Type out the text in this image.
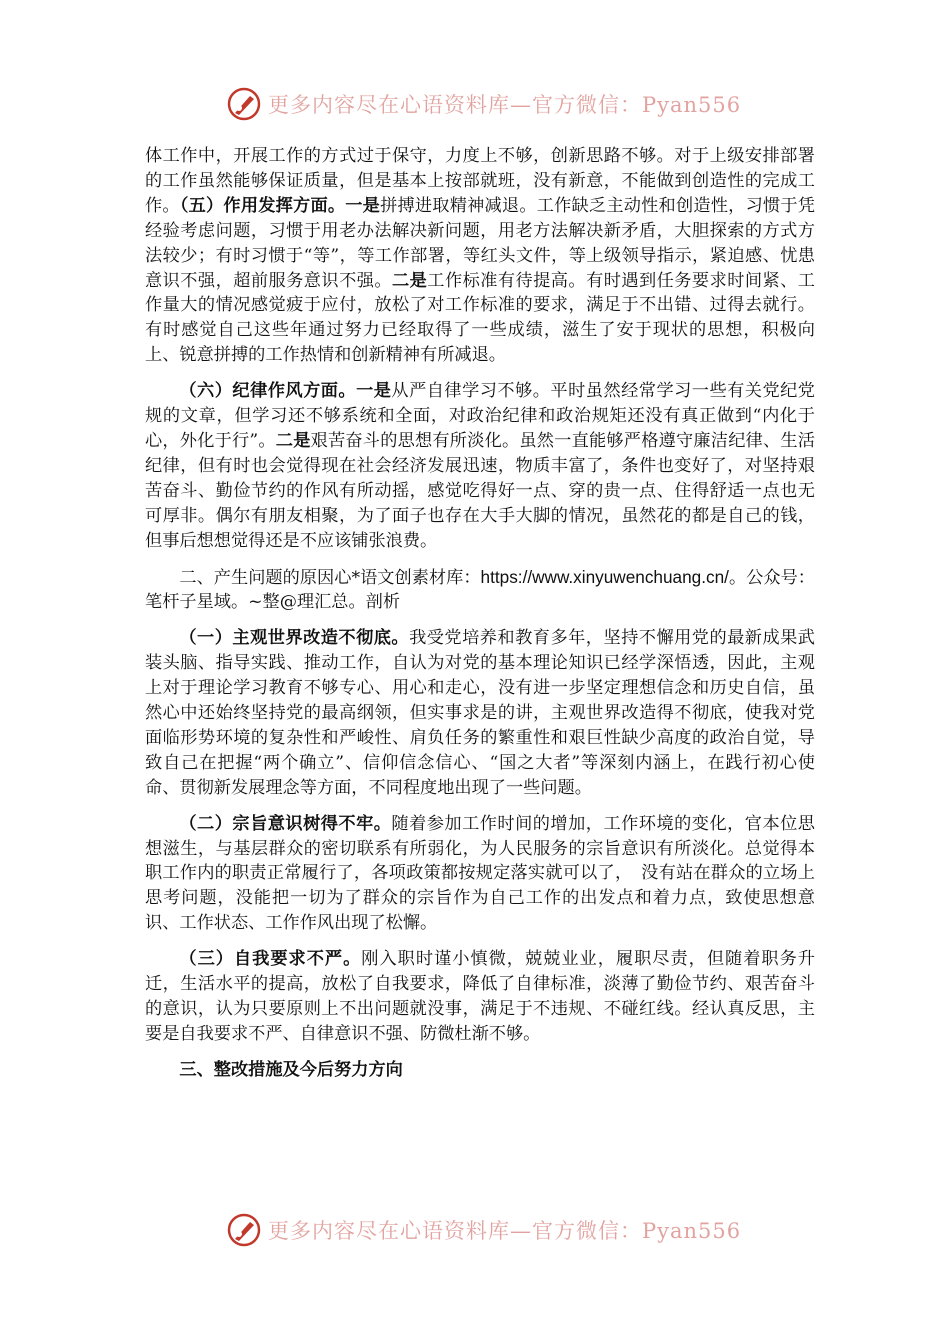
更多内容尽在心语资料库—官方微信：Pyan556

体工作中，开展工作的方式过于保守，力度上不够，创新思路不够。对于上级安排部署的工作虽然能够保证质量，但是基本上按部就班，没有新意，不能做到创造性的完成工作。（五）作用发挥方面。一是拼搏进取精神减退。工作缺乏主动性和创造性，习惯于凭经验考虑问题，习惯于用老办法解决新问题，用老方法解决新矛盾，大胆探索的方式方法较少；有时习惯于“等”，等工作部署，等红头文件，等上级领导指示，紧迫感、忧患意识不强，超前服务意识不强。二是工作标准有待提高。有时遇到任务要求时间紧、工作量大的情况感觉疲于应付，放松了对工作标准的要求，满足于不出错、过得去就行。有时感觉自己这些年通过努力已经取得了一些成绩，滋生了安于现状的思想，积极向上、锐意拼搏的工作热情和创新精神有所减退。

（六）纪律作风方面。一是从严自律学习不够。平时虽然经常学习一些有关党纪党规的文章，但学习还不够系统和全面，对政治纪律和政治规矩还没有真正做到“内化于心，外化于行”。二是艰苦奋斗的思想有所淡化。虽然一直能够严格遵守廉洁纪律、生活纪律，但有时也会觉得现在社会经济发展迅速，物质丰富了，条件也变好了，对坚持艰苦奋斗、勤俭节约的作风有所动摇，感觉吃得好一点、穿的贵一点、住得舒适一点也无可厚非。偶尔有朋友相聚，为了面子也存在大手大脚的情况，虽然花的都是自己的钱，但事后想想觉得还是不应该铺张浪费。

二、产生问题的原因心*语文创素材库：https://www.xinyuwenchuang.cn/。公众号：笔杆子星域。~整@理汇总。剖析

（一）主观世界改造不彻底。我受党培养和教育多年，坚持不懈用党的最新成果武装头脑、指导实践、推动工作，自认为对党的基本理论知识已经学深悟透，因此，主观上对于理论学习教育不够专心、用心和走心，没有进一步坚定理想信念和历史自信，虽然心中还始终坚持党的最高纲领，但实事求是的讲，主观世界改造得不彻底，使我对党面临形势环境的复杂性和严峻性、肩负任务的繁重性和艰巨性缺少高度的政治自觉，导致自己在把握“两个确立”、信仰信念信心、“国之大者”等深刻内涵上，在践行初心使命、贯彻新发展理念等方面，不同程度地出现了一些问题。

（二）宗旨意识树得不牢。随着参加工作时间的增加，工作环境的变化，官本位思想滋生，与基层群众的密切联系有所弱化，为人民服务的宗旨意识有所淡化。总觉得本职工作内的职责正常履行了，各项政策都按规定落实就可以了，　没有站在群众的立场上思考问题，没能把一切为了群众的宗旨作为自己工作的出发点和着力点，致使思想意识、工作状态、工作作风出现了松懈。

（三）自我要求不严。刚入职时谨小慎微，兢兢业业，履职尽责，但随着职务升迁，生活水平的提高，放松了自我要求，降低了自律标准，淡薄了勤俭节约、艰苦奋斗的意识，认为只要原则上不出问题就没事，满足于不违规、不碰红线。经认真反思，主要是自我要求不严、自律意识不强、防微杜渐不够。

三、整改措施及今后努力方向

更多内容尽在心语资料库—官方微信：Pyan556
